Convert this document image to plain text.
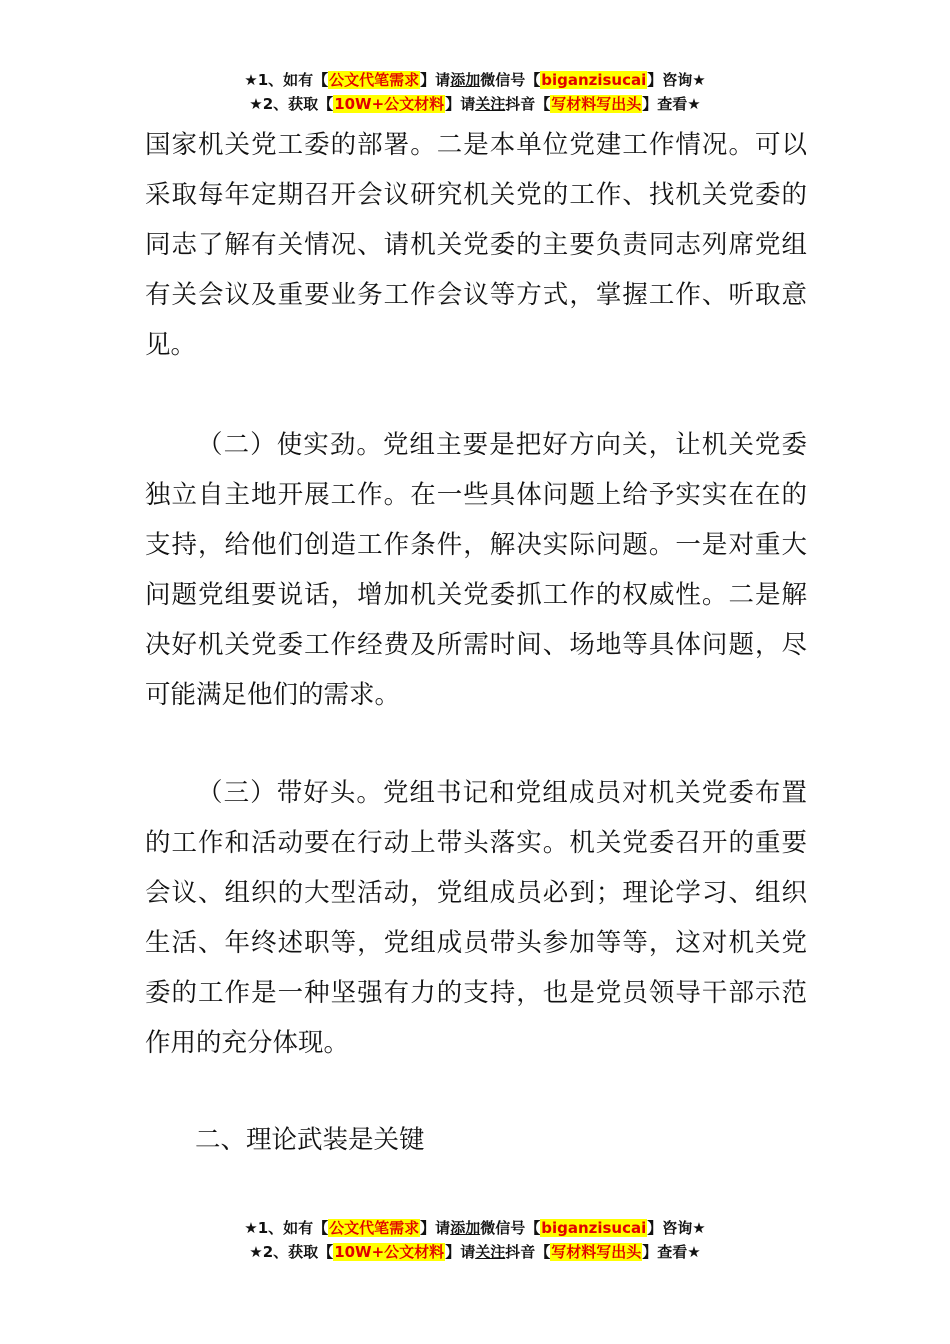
★1、如有【公文代笔需求】请添加微信号【biganzisucai】咨询★
★2、获取【10W+公文材料】请关注抖音【写材料写出头】查看★

国家机关党工委的部署。二是本单位党建工作情况。可以采取每年定期召开会议研究机关党的工作、找机关党委的同志了解有关情况、请机关党委的主要负责同志列席党组有关会议及重要业务工作会议等方式，掌握工作、听取意见。

（二）使实劲。党组主要是把好方向关，让机关党委独立自主地开展工作。在一些具体问题上给予实实在在的支持，给他们创造工作条件，解决实际问题。一是对重大问题党组要说话，增加机关党委抓工作的权威性。二是解决好机关党委工作经费及所需时间、场地等具体问题，尽可能满足他们的需求。

（三）带好头。党组书记和党组成员对机关党委布置的工作和活动要在行动上带头落实。机关党委召开的重要会议、组织的大型活动，党组成员必到；理论学习、组织生活、年终述职等，党组成员带头参加等等，这对机关党委的工作是一种坚强有力的支持，也是党员领导干部示范作用的充分体现。

二、理论武装是关键

★1、如有【公文代笔需求】请添加微信号【biganzisucai】咨询★
★2、获取【10W+公文材料】请关注抖音【写材料写出头】查看★
